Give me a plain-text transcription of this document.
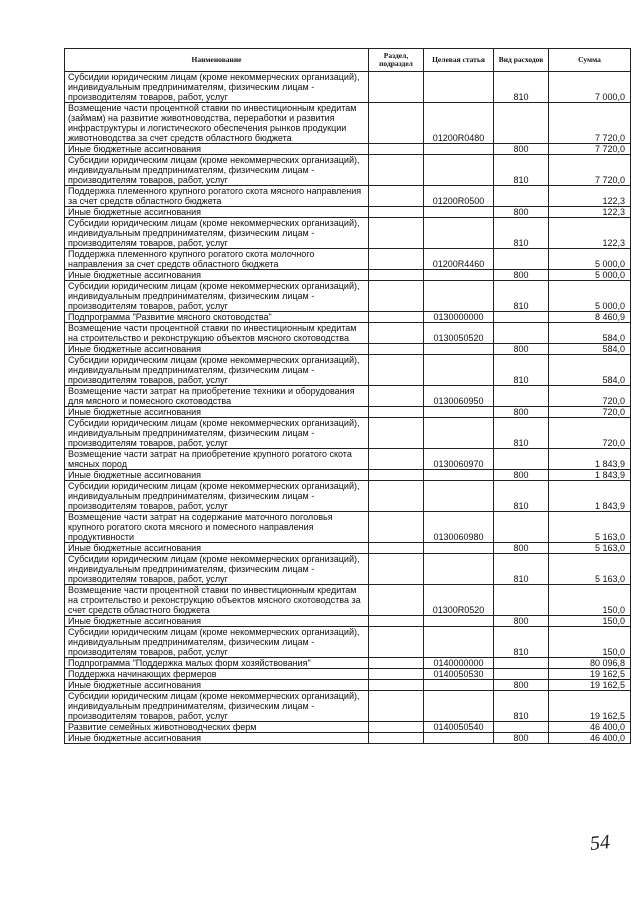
Наименование	Раздел, подраздел	Целевая статья	Вид расходов	Сумма
Субсидии юридическим лицам (кроме некоммерческих организаций), индивидуальным предпринимателям, физическим лицам - производителям товаров, работ, услуг			810	7 000,0
Возмещение части процентной ставки по инвестиционным кредитам (займам) на развитие животноводства, переработки и развития инфраструктуры и логистического обеспечения рынков продукции животноводства за счет средств областного бюджета		01200R0480		7 720,0
Иные бюджетные ассигнования			800	7 720,0
Субсидии юридическим лицам (кроме некоммерческих организаций), индивидуальным предпринимателям, физическим лицам - производителям товаров, работ, услуг			810	7 720,0
Поддержка племенного крупного рогатого скота мясного направления за счет средств областного бюджета		01200R0500		122,3
Иные бюджетные ассигнования			800	122,3
Субсидии юридическим лицам (кроме некоммерческих организаций), индивидуальным предпринимателям, физическим лицам - производителям товаров, работ, услуг			810	122,3
Поддержка племенного крупного рогатого скота молочного направления за счет средств областного бюджета		01200R4460		5 000,0
Иные бюджетные ассигнования			800	5 000,0
Субсидии юридическим лицам (кроме некоммерческих организаций), индивидуальным предпринимателям, физическим лицам - производителям товаров, работ, услуг			810	5 000,0
Подпрограмма "Развитие мясного скотоводства"		0130000000		8 460,9
Возмещение части процентной ставки по инвестиционным кредитам на строительство и реконструкцию объектов мясного скотоводства		0130050520		584,0
Иные бюджетные ассигнования			800	584,0
Субсидии юридическим лицам (кроме некоммерческих организаций), индивидуальным предпринимателям, физическим лицам - производителям товаров, работ, услуг			810	584,0
Возмещение части затрат на приобретение техники и оборудования для мясного и помесного скотоводства		0130060950		720,0
Иные бюджетные ассигнования			800	720,0
Субсидии юридическим лицам (кроме некоммерческих организаций), индивидуальным предпринимателям, физическим лицам - производителям товаров, работ, услуг			810	720,0
Возмещение части затрат на приобретение крупного рогатого скота мясных пород		0130060970		1 843,9
Иные бюджетные ассигнования			800	1 843,9
Субсидии юридическим лицам (кроме некоммерческих организаций), индивидуальным предпринимателям, физическим лицам - производителям товаров, работ, услуг			810	1 843,9
Возмещение части затрат на содержание маточного поголовья крупного рогатого скота мясного и помесного направления продуктивности		0130060980		5 163,0
Иные бюджетные ассигнования			800	5 163,0
Субсидии юридическим лицам (кроме некоммерческих организаций), индивидуальным предпринимателям, физическим лицам - производителям товаров, работ, услуг			810	5 163,0
Возмещение части процентной ставки по инвестиционным кредитам на строительство и реконструкцию объектов мясного скотоводства за счет средств областного бюджета		01300R0520		150,0
Иные бюджетные ассигнования			800	150,0
Субсидии юридическим лицам (кроме некоммерческих организаций), индивидуальным предпринимателям, физическим лицам - производителям товаров, работ, услуг			810	150,0
Подпрограмма "Поддержка малых форм хозяйствования"		0140000000		80 096,8
Поддержка начинающих фермеров		0140050530		19 162,5
Иные бюджетные ассигнования			800	19 162,5
Субсидии юридическим лицам (кроме некоммерческих организаций), индивидуальным предпринимателям, физическим лицам - производителям товаров, работ, услуг			810	19 162,5
Развитие семейных животноводческих ферм		0140050540		46 400,0
Иные бюджетные ассигнования			800	46 400,0
54
